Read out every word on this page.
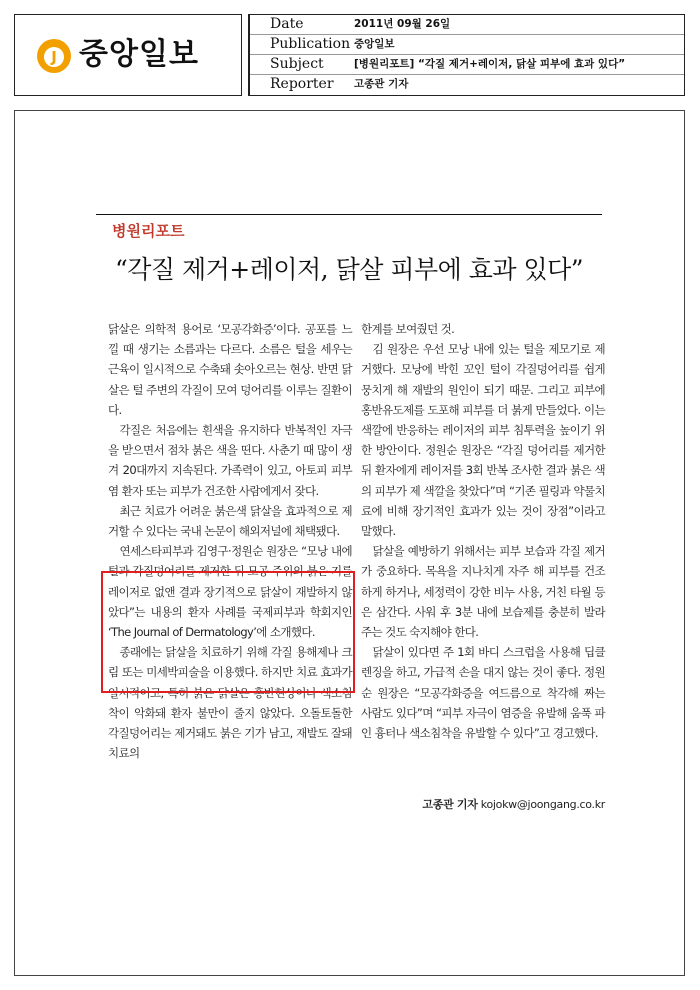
J 중앙일보
Date	2011년 09월 26일
Publication 중앙일보
Subject	[병원리포트] “각질 제거+레이저, 닭살 피부에 효과 있다”
Reporter 고종관 기자
병원리포트
“각질 제거+레이저, 닭살 피부에 효과 있다”

닭살은 의학적 용어로 ‘모공각화증’이다. 공포를 느낄 때 생기는 소름과는 다르다. 소름은 털을 세우는 근육이 일시적으로 수축돼 솟아오르는 현상. 반면 닭살은 털 주변의 각질이 모여 덩어리를 이루는 질환이다.

각질은 처음에는 흰색을 유지하다 반복적인 자극을 받으면서 점차 붉은 색을 띤다. 사춘기 때 많이 생겨 20대까지 지속된다. 가족력이 있고, 아토피 피부염 환자 또는 피부가 건조한 사람에게서 잦다.

최근 치료가 어려운 붉은색 닭살을 효과적으로 제거할 수 있다는 국내 논문이 해외저널에 채택됐다.

연세스타피부과 김영구·정원순 원장은 “모낭 내에 털과 각질덩어리를 제거한 뒤 모공 주위의 붉은 기를 레이저로 없앤 결과 장기적으로 닭살이 재발하지 않았다”는 내용의 환자 사례를 국제피부과 학회지인 ‘The Journal of Dermatology’에 소개했다.

종래에는 닭살을 치료하기 위해 각질 용해제나 크림 또는 미세박피술을 이용했다. 하지만 치료 효과가 일시적이고, 특히 붉은 닭살은 홍반현상이나 색소침착이 악화돼 환자 불만이 줄지 않았다. 오돌토돌한 각질덩어리는 제거돼도 붉은 기가 남고, 재발도 잘돼 치료의

한계를 보여줬던 것.

김 원장은 우선 모낭 내에 있는 털을 제모기로 제거했다. 모낭에 박힌 꼬인 털이 각질덩어리를 쉽게 뭉치게 해 재발의 원인이 되기 때문. 그리고 피부에 홍반유도제를 도포해 피부를 더 붉게 만들었다. 이는 색깔에 반응하는 레이저의 피부 침투력을 높이기 위한 방안이다. 정원순 원장은 “각질 덩어리를 제거한 뒤 환자에게 레이저를 3회 반복 조사한 결과 붉은 색의 피부가 제 색깔을 찾았다”며 “기존 필링과 약물치료에 비해 장기적인 효과가 있는 것이 장점”이라고 말했다.

닭살을 예방하기 위해서는 피부 보습과 각질 제거가 중요하다. 목욕을 지나치게 자주 해 피부를 건조하게 하거나, 세정력이 강한 비누 사용, 거친 타월 등은 삼간다. 사워 후 3분 내에 보습제를 충분히 발라주는 것도 숙지해야 한다.

닭살이 있다면 주 1회 바디 스크럽을 사용해 딥클렌징을 하고, 가급적 손을 대지 않는 것이 좋다. 정원순 원장은 “모공각화증을 여드름으로 착각해 짜는 사람도 있다”며 “피부 자극이 염증을 유발해 움푹 파인 흉터나 색소침착을 유발할 수 있다”고 경고했다.

고종관 기자 kojokw@joongang.co.kr
